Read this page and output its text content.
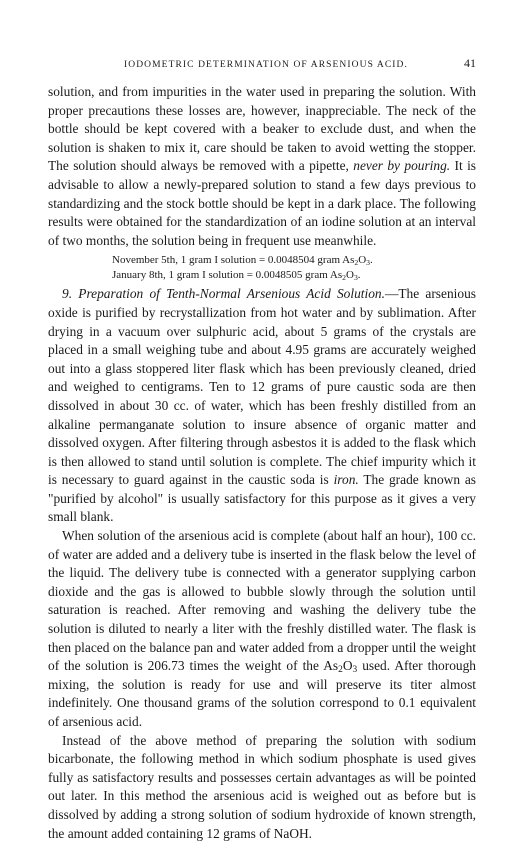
IODOMETRIC DETERMINATION OF ARSENIOUS ACID.	41

solution, and from impurities in the water used in preparing the solution. With proper precautions these losses are, however, inappreciable. The neck of the bottle should be kept covered with a beaker to exclude dust, and when the solution is shaken to mix it, care should be taken to avoid wetting the stopper. The solution should always be removed with a pipette, never by pouring. It is advisable to allow a newly-prepared solution to stand a few days previous to standardizing and the stock bottle should be kept in a dark place. The following results were obtained for the standardization of an iodine solution at an interval of two months, the solution being in frequent use meanwhile.

November 5th, 1 gram I solution = 0.0048504 gram $As_2O_3$.
January 8th, 1 gram I solution = 0.0048505 gram $As_2O_3$.

9. Preparation of Tenth-Normal Arsenious Acid Solution.—The arsenious oxide is purified by recrystallization from hot water and by sublimation. After drying in a vacuum over sulphuric acid, about 5 grams of the crystals are placed in a small weighing tube and about 4.95 grams are accurately weighed out into a glass stoppered liter flask which has been previously cleaned, dried and weighed to centigrams. Ten to 12 grams of pure caustic soda are then dissolved in about 30 cc. of water, which has been freshly distilled from an alkaline permanganate solution to insure absence of organic matter and dissolved oxygen. After filtering through asbestos it is added to the flask which is then allowed to stand until solution is complete. The chief impurity which it is necessary to guard against in the caustic soda is iron. The grade known as "purified by alcohol" is usually satisfactory for this purpose as it gives a very small blank.

When solution of the arsenious acid is complete (about half an hour), 100 cc. of water are added and a delivery tube is inserted in the flask below the level of the liquid. The delivery tube is connected with a generator supplying carbon dioxide and the gas is allowed to bubble slowly through the solution until saturation is reached. After removing and washing the delivery tube the solution is diluted to nearly a liter with the freshly distilled water. The flask is then placed on the balance pan and water added from a dropper until the weight of the solution is 206.73 times the weight of the $As_2O_3$ used. After thorough mixing, the solution is ready for use and will preserve its titer almost indefinitely. One thousand grams of the solution correspond to 0.1 equivalent of arsenious acid.

Instead of the above method of preparing the solution with sodium bicarbonate, the following method in which sodium phosphate is used gives fully as satisfactory results and possesses certain advantages as will be pointed out later. In this method the arsenious acid is weighed out as before but is dissolved by adding a strong solution of sodium hydroxide of known strength, the amount added containing 12 grams of NaOH.
